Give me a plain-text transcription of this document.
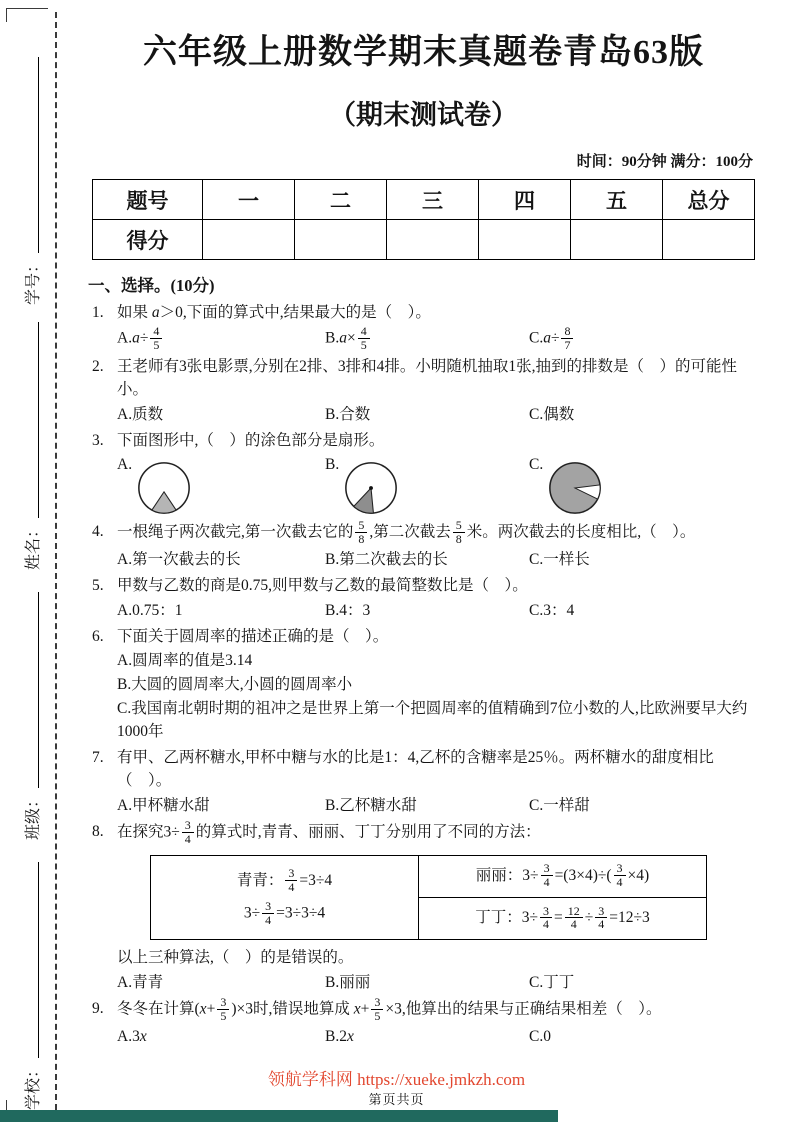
学号：
姓名：
班级：
学校：
六年级上册数学期末真题卷青岛63版
（期末测试卷）
时间：90分钟 满分：100分
题号	一	二	三	四	五	总分
得分						
一、选择。(10分)
1. 如果 a＞0,下面的算式中,结果最大的是（　）。
$A.a\div \frac{4}{5}$	$B.a\times \frac{4}{5}$	$C.a\div \frac{8}{7}$
2. 王老师有3张电影票,分别在2排、3排和4排。小明随机抽取1张,抽到的排数是（　）的可能性小。
A.质数	B.合数	C.偶数
3. 下面图形中,（　）的涂色部分是扇形。
A.	B.	C.
4. 一根绳子两次截完,第一次截去它的 $\frac{5}{8}$ ,第二次截去 $\frac{5}{8}$ 米。两次截去的长度相比,（　）。
A.第一次截去的长	B.第二次截去的长	C.一样长
5. 甲数与乙数的商是0.75,则甲数与乙数的最简整数比是（　）。
A.0.75：1	B.4：3	C.3：4
6. 下面关于圆周率的描述正确的是（　）。
A.圆周率的值是3.14
B.大圆的圆周率大,小圆的圆周率小
C.我国南北朝时期的祖冲之是世界上第一个把圆周率的值精确到7位小数的人,比欧洲要早大约1000年
7. 有甲、乙两杯糖水,甲杯中糖与水的比是1：4,乙杯的含糖率是25％。两杯糖水的甜度相比（　）。
A.甲杯糖水甜	B.乙杯糖水甜	C.一样甜
8. 在探究$3\div \frac{3}{4}$ 的算式时,青青、丽丽、丁丁分别用了不同的方法：
青青： $\frac{3}{4} =3\div 4$
$3\div \frac{3}{4} =3\div 3\div 4$
	丽丽：$3\div \frac{3}{4} =(3\times 4)\div( \frac{3}{4} \times 4)$
丁丁：$3\div \frac{3}{4} = \frac{12}{4} \div \frac{3}{4} =12\div 3$
以上三种算法,（　）的是错误的。
A.青青	B.丽丽	C.丁丁
9. 冬冬在计算$(x+ \frac{3}{5} )\times 3$时,错误地算成 $x+ \frac{3}{5} \times 3$,他算出的结果与正确结果相差（　）。
A.3x	B.2x	C.0
领航学科网 https://xueke.jmkzh.com
第页共页
